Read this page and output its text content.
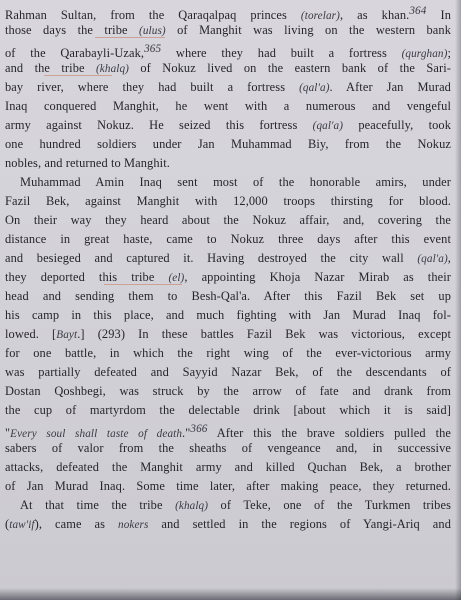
Rahman Sultan, from the Qaraqalpaq princes (torelar), as khan.$^{364}$ In
those days the tribe (ulus) of Manghit was living on the western bank
of the Qarabayli-Uzak,$^{365}$ where they had built a fortress (qurghan);
and the tribe (khalq) of Nokuz lived on the eastern bank of the Sari-
bay river, where they had built a fortress (qal'a). After Jan Murad
Inaq conquered Manghit, he went with a numerous and vengeful
army against Nokuz. He seized this fortress (qal'a) peacefully, took
one hundred soldiers under Jan Muhammad Biy, from the Nokuz
nobles, and returned to Manghit.
Muhammad Amin Inaq sent most of the honorable amirs, under
Fazil Bek, against Manghit with 12,000 troops thirsting for blood.
On their way they heard about the Nokuz affair, and, covering the
distance in great haste, came to Nokuz three days after this event
and besieged and captured it. Having destroyed the city wall (qal'a),
they deported this tribe (el), appointing Khoja Nazar Mirab as their
head and sending them to Besh-Qal'a. After this Fazil Bek set up
his camp in this place, and much fighting with Jan Murad Inaq fol-
lowed. [Bayt.] (293) In these battles Fazil Bek was victorious, except
for one battle, in which the right wing of the ever-victorious army
was partially defeated and Sayyid Nazar Bek, of the descendants of
Dostan Qoshbegi, was struck by the arrow of fate and drank from
the cup of martyrdom the delectable drink [about which it is said]
"Every soul shall taste of death."$^{366}$ After this the brave soldiers pulled the
sabers of valor from the sheaths of vengeance and, in successive
attacks, defeated the Manghit army and killed Quchan Bek, a brother
of Jan Murad Inaq. Some time later, after making peace, they returned.
At that time the tribe (khalq) of Teke, one of the Turkmen tribes
(taw'if), came as nokers and settled in the regions of Yangi-Ariq and
